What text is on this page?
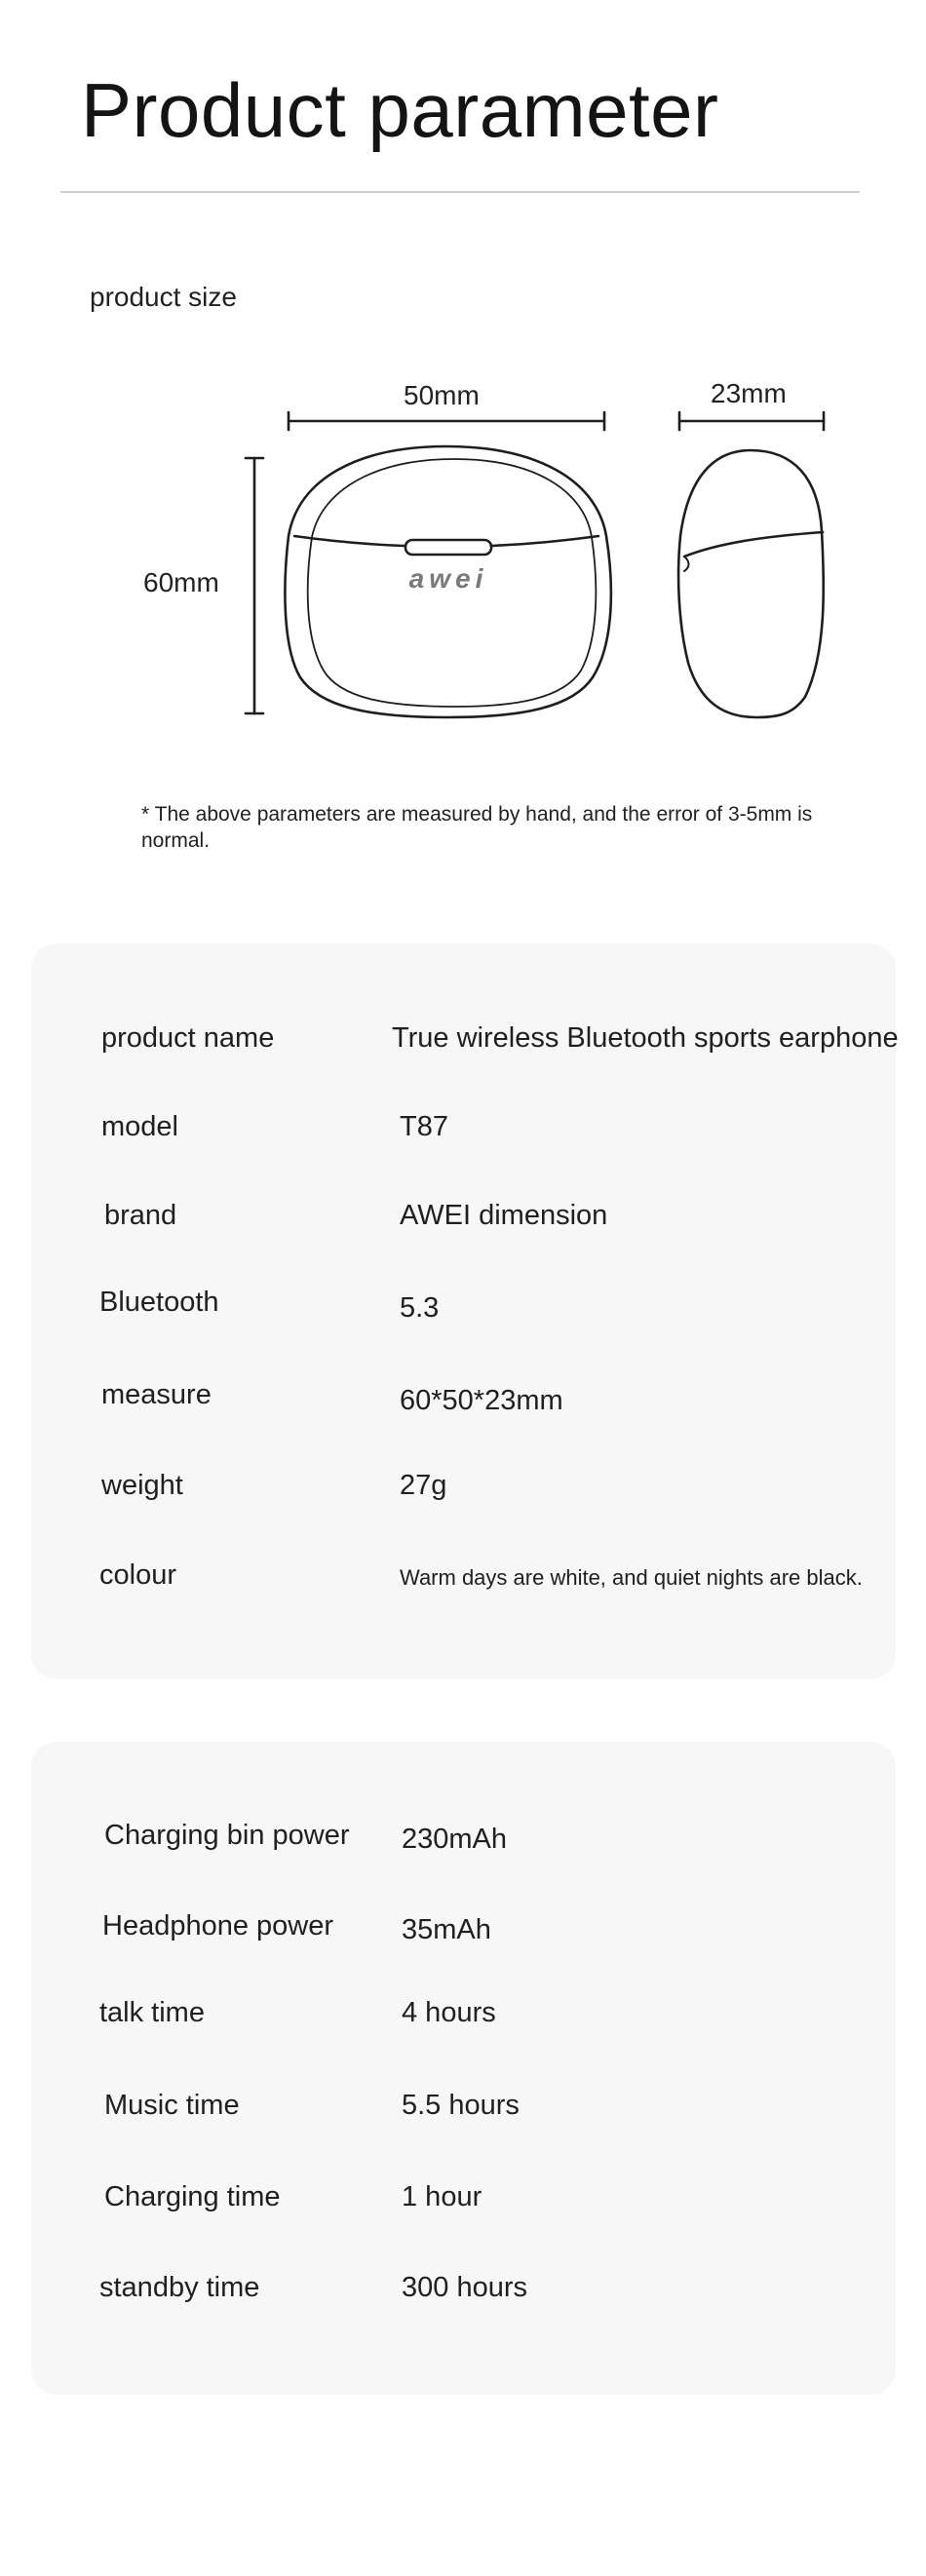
Product parameter
product size
50mm	23mm
60mm	awei
* The above parameters are measured by hand, and the error of 3-5mm is normal.
product name	True wireless Bluetooth sports earphone
model	T87
brand	AWEI dimension
Bluetooth	5.3
measure	60*50*23mm
weight	27g
colour	Warm days are white, and quiet nights are black.
Charging bin power 230mAh
Headphone power 35mAh
talk time	4 hours
Music time	5.5 hours
Charging time	1 hour
standby time	300 hours
